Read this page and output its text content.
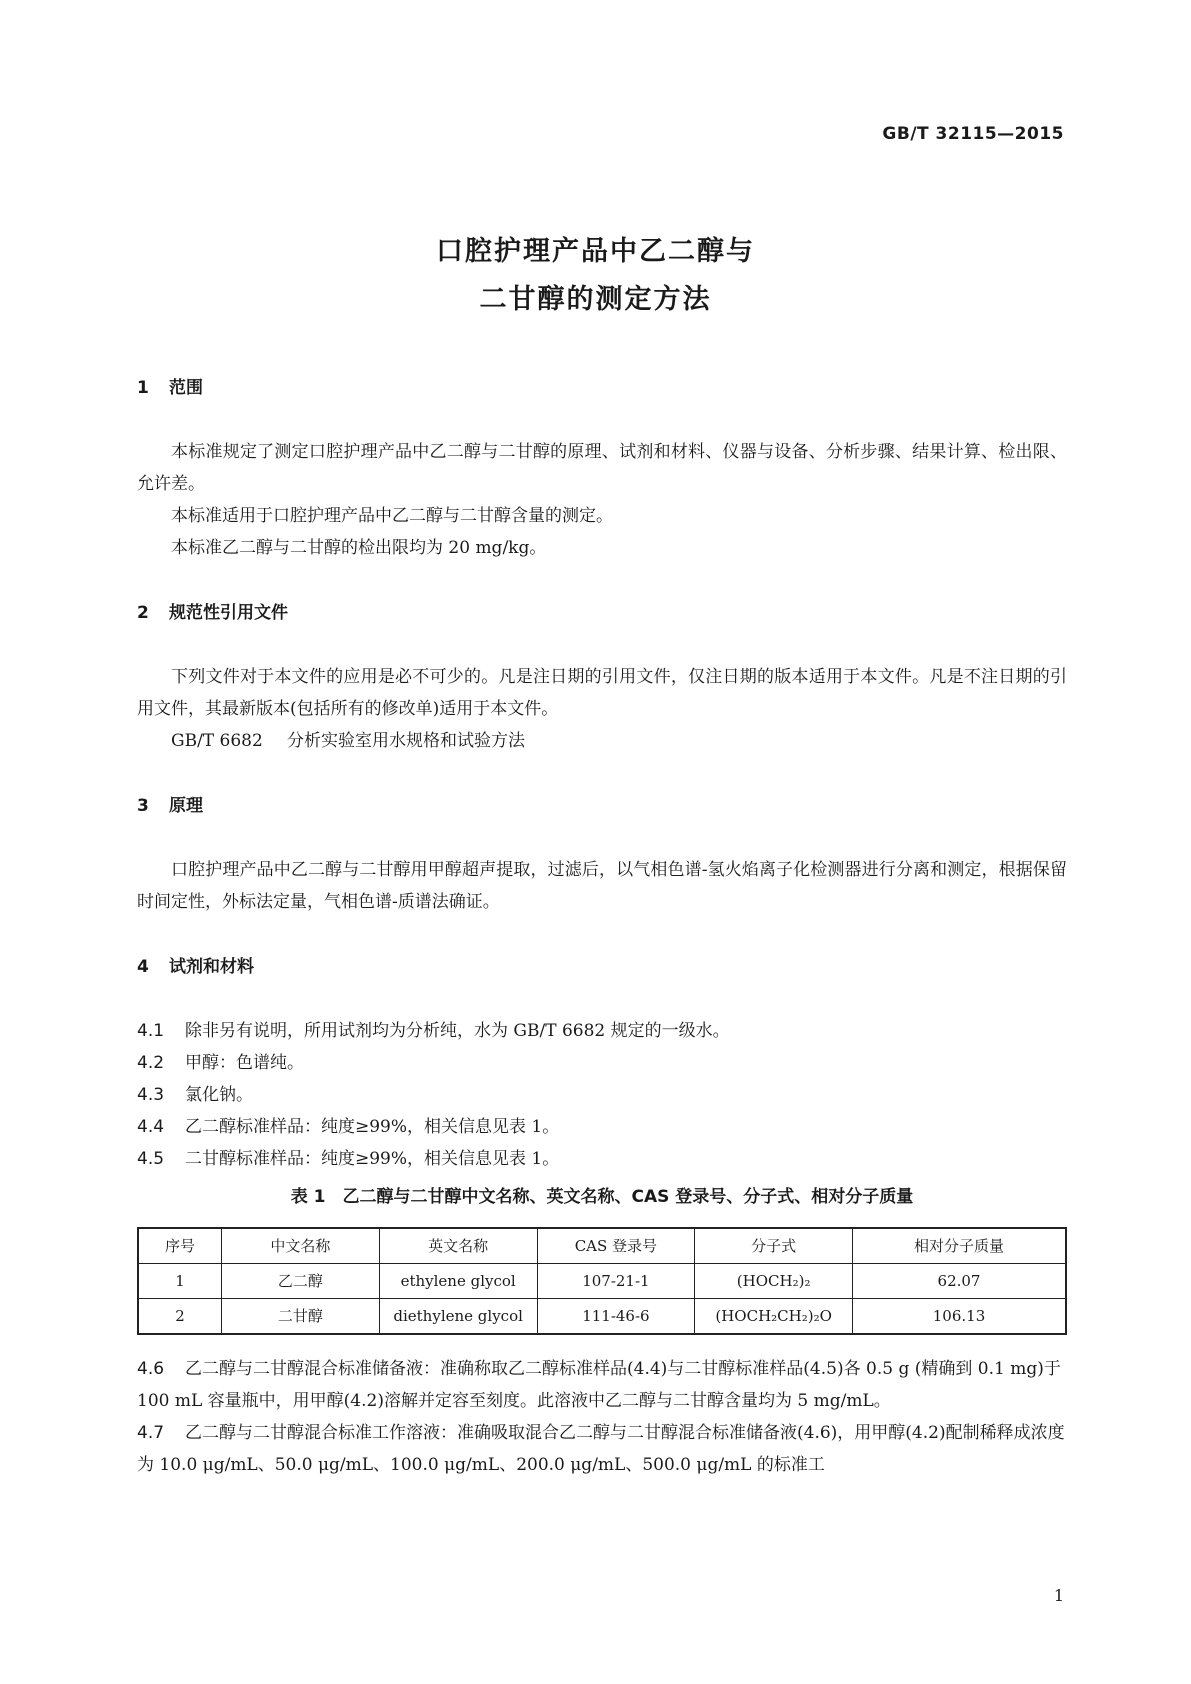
GB/T 32115—2015
口腔护理产品中乙二醇与
二甘醇的测定方法
1 范围

本标准规定了测定口腔护理产品中乙二醇与二甘醇的原理、试剂和材料、仪器与设备、分析步骤、结果计算、检出限、允许差。

本标准适用于口腔护理产品中乙二醇与二甘醇含量的测定。

本标准乙二醇与二甘醇的检出限均为 20 mg/kg。

2 规范性引用文件

下列文件对于本文件的应用是必不可少的。凡是注日期的引用文件，仅注日期的版本适用于本文件。凡是不注日期的引用文件，其最新版本(包括所有的修改单)适用于本文件。

GB/T 6682 分析实验室用水规格和试验方法
3 原理

口腔护理产品中乙二醇与二甘醇用甲醇超声提取，过滤后，以气相色谱-氢火焰离子化检测器进行分离和测定，根据保留时间定性，外标法定量，气相色谱-质谱法确证。

4 试剂和材料
4.1 除非另有说明，所用试剂均为分析纯，水为 GB/T 6682 规定的一级水。
4.2 甲醇：色谱纯。
4.3 氯化钠。
4.4 乙二醇标准样品：纯度≥99%，相关信息见表 1。
4.5 二甘醇标准样品：纯度≥99%，相关信息见表 1。
表 1　乙二醇与二甘醇中文名称、英文名称、CAS 登录号、分子式、相对分子质量
序号	中文名称	英文名称	CAS 登录号	分子式	相对分子质量
1	乙二醇	ethylene glycol	107-21-1	(HOCH₂)₂	62.07
2	二甘醇	diethylene glycol	111-46-6	(HOCH₂CH₂)₂O	106.13
4.6 乙二醇与二甘醇混合标准储备液：准确称取乙二醇标准样品(4.4)与二甘醇标准样品(4.5)各 0.5 g (精确到 0.1 mg)于 100 mL 容量瓶中，用甲醇(4.2)溶解并定容至刻度。此溶液中乙二醇与二甘醇含量均为 5 mg/mL。
4.7 乙二醇与二甘醇混合标准工作溶液：准确吸取混合乙二醇与二甘醇混合标准储备液(4.6)，用甲醇(4.2)配制稀释成浓度为 10.0 μg/mL、50.0 μg/mL、100.0 μg/mL、200.0 μg/mL、500.0 μg/mL 的标准工
1
